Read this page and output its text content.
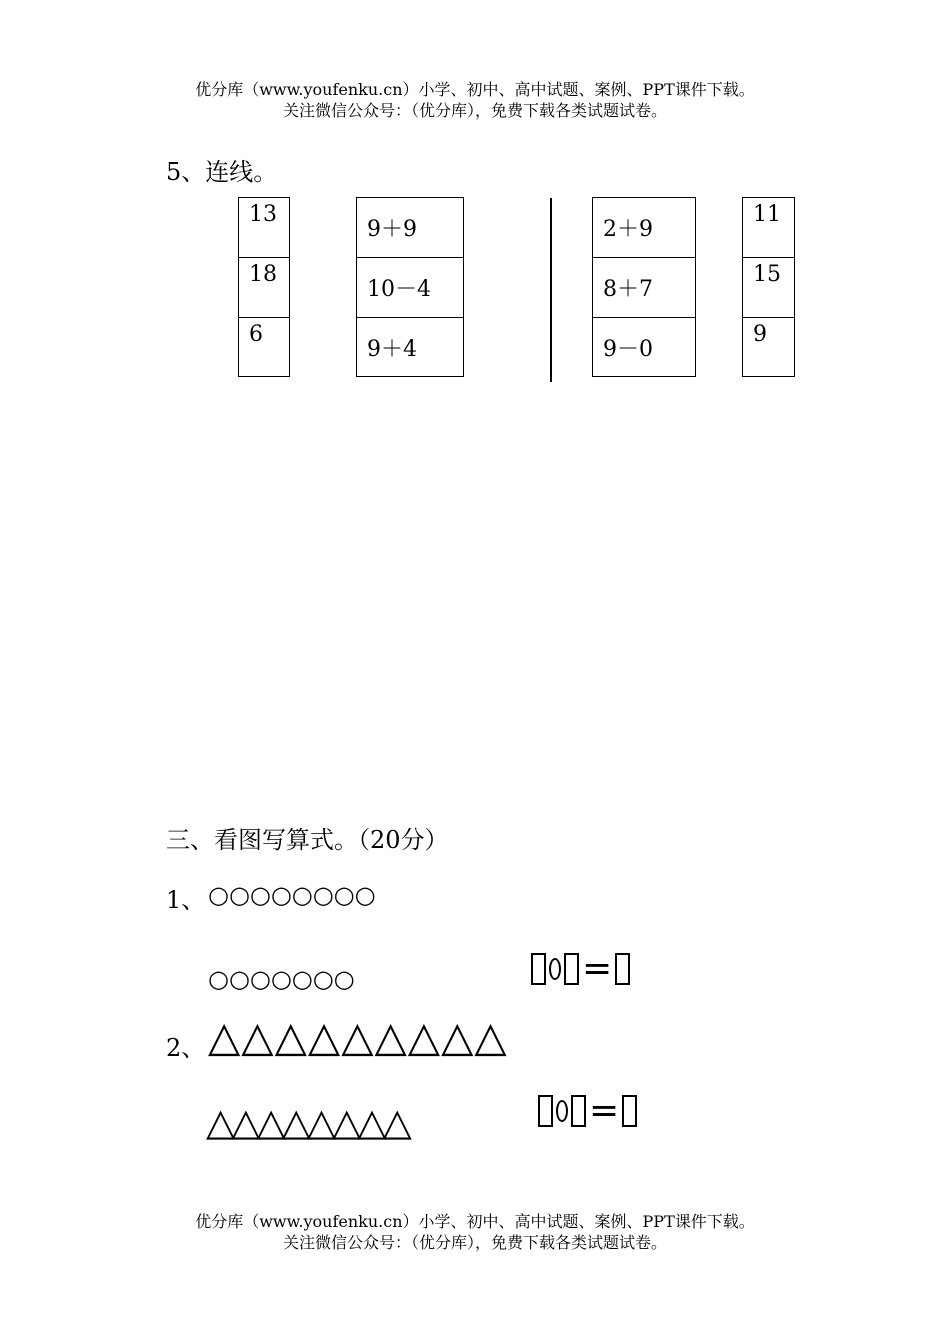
优分库（www.youfenku.cn）小学、初中、高中试题、案例、PPT课件下载。
关注微信公众号：（优分库），免费下载各类试题试卷。
5、连线。
13
18
6
9＋9
10－4
9＋4
2＋9
8＋7
9－0
11
15
9
三、看图写算式。（20分）
1、 ○○○○○○○○
○○○○○○○	=
2、 △△△△△△△△△
△△△△△△△△	=
优分库（www.youfenku.cn）小学、初中、高中试题、案例、PPT课件下载。
关注微信公众号：（优分库），免费下载各类试题试卷。
